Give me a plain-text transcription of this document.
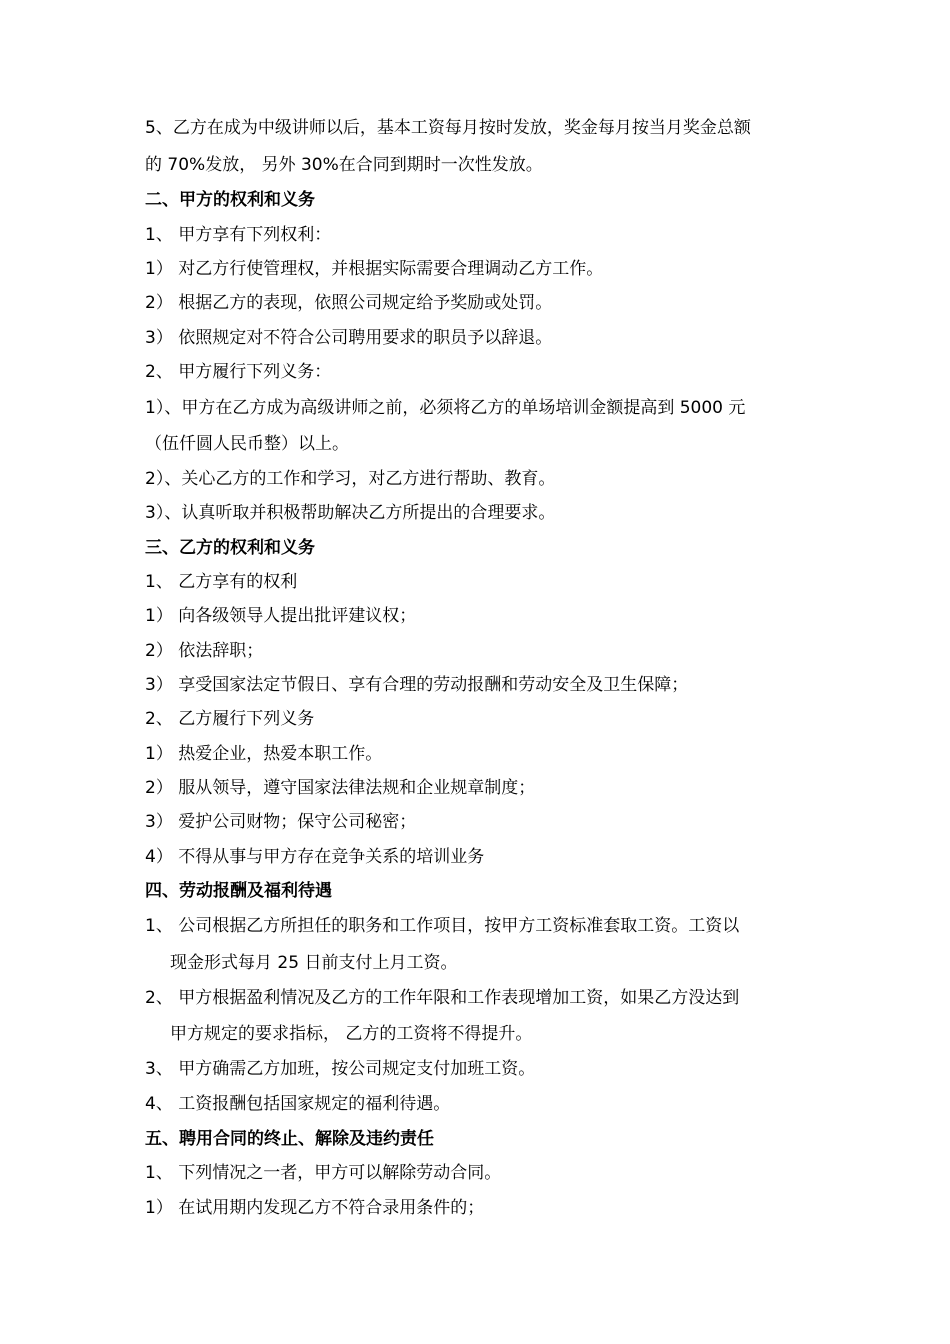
5、乙方在成为中级讲师以后，基本工资每月按时发放，奖金每月按当月奖金总额
的 70%发放， 另外 30%在合同到期时一次性发放。
二、甲方的权利和义务
1、 甲方享有下列权利：
1） 对乙方行使管理权，并根据实际需要合理调动乙方工作。
2） 根据乙方的表现，依照公司规定给予奖励或处罚。
3） 依照规定对不符合公司聘用要求的职员予以辞退。
2、 甲方履行下列义务：
1）、甲方在乙方成为高级讲师之前，必须将乙方的单场培训金额提高到 5000 元
（伍仟圆人民币整）以上。
2）、关心乙方的工作和学习，对乙方进行帮助、教育。
3）、认真听取并积极帮助解决乙方所提出的合理要求。
三、乙方的权利和义务
1、 乙方享有的权利
1） 向各级领导人提出批评建议权；
2） 依法辞职；
3） 享受国家法定节假日、享有合理的劳动报酬和劳动安全及卫生保障；
2、 乙方履行下列义务
1） 热爱企业，热爱本职工作。
2） 服从领导，遵守国家法律法规和企业规章制度；
3） 爱护公司财物；保守公司秘密；
4） 不得从事与甲方存在竞争关系的培训业务
四、劳动报酬及福利待遇
1、 公司根据乙方所担任的职务和工作项目，按甲方工资标准套取工资。工资以
现金形式每月 25 日前支付上月工资。
2、 甲方根据盈利情况及乙方的工作年限和工作表现增加工资，如果乙方没达到
甲方规定的要求指标， 乙方的工资将不得提升。
3、 甲方确需乙方加班，按公司规定支付加班工资。
4、 工资报酬包括国家规定的福利待遇。
五、聘用合同的终止、解除及违约责任
1、 下列情况之一者，甲方可以解除劳动合同。
1） 在试用期内发现乙方不符合录用条件的；
